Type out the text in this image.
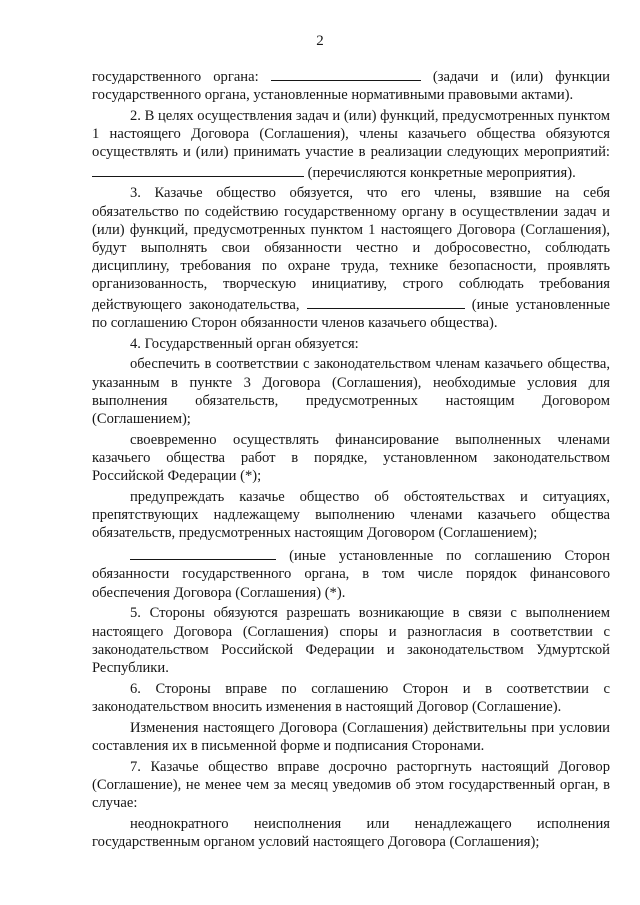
2

государственного органа:	(задачи и (или) функции государственного органа, установленные нормативными правовыми актами).

2. В целях осуществления задач и (или) функций, предусмотренных пунктом 1 настоящего Договора (Соглашения), члены казачьего общества обязуются осуществлять и (или) принимать участие в реализации следующих мероприятий:  (перечисляются конкретные мероприятия).

3. Казачье общество обязуется, что его члены, взявшие на себя обязательство по содействию государственному органу в осуществлении задач и (или) функций, предусмотренных пунктом 1 настоящего Договора (Соглашения), будут выполнять свои обязанности честно и добросовестно, соблюдать дисциплину, требования по охране труда, технике безопасности, проявлять организованность, творческую инициативу, строго соблюдать требования действующего законодательства,	(иные установленные по соглашению Сторон обязанности членов казачьего общества).

4. Государственный орган обязуется:

обеспечить в соответствии с законодательством членам казачьего общества, указанным в пункте 3 Договора (Соглашения), необходимые условия для выполнения обязательств, предусмотренных настоящим Договором (Соглашением);

своевременно осуществлять финансирование выполненных членами казачьего общества работ в порядке, установленном законодательством Российской Федерации (*);

предупреждать казачье общество об обстоятельствах и ситуациях, препятствующих надлежащему выполнению членами казачьего общества обязательств, предусмотренных настоящим Договором (Соглашением);

(иные установленные по соглашению Сторон обязанности государственного органа, в том числе порядок финансового обеспечения Договора (Соглашения) (*).

5. Стороны обязуются разрешать возникающие в связи с выполнением настоящего Договора (Соглашения) споры и разногласия в соответствии с законодательством Российской Федерации и законодательством Удмуртской Республики.

6. Стороны вправе по соглашению Сторон и в соответствии с законодательством вносить изменения в настоящий Договор (Соглашение).

Изменения настоящего Договора (Соглашения) действительны при условии составления их в письменной форме и подписания Сторонами.

7. Казачье общество вправе досрочно расторгнуть настоящий Договор (Соглашение), не менее чем за месяц уведомив об этом государственный орган, в случае:

неоднократного неисполнения или ненадлежащего исполнения государственным органом условий настоящего Договора (Соглашения);
